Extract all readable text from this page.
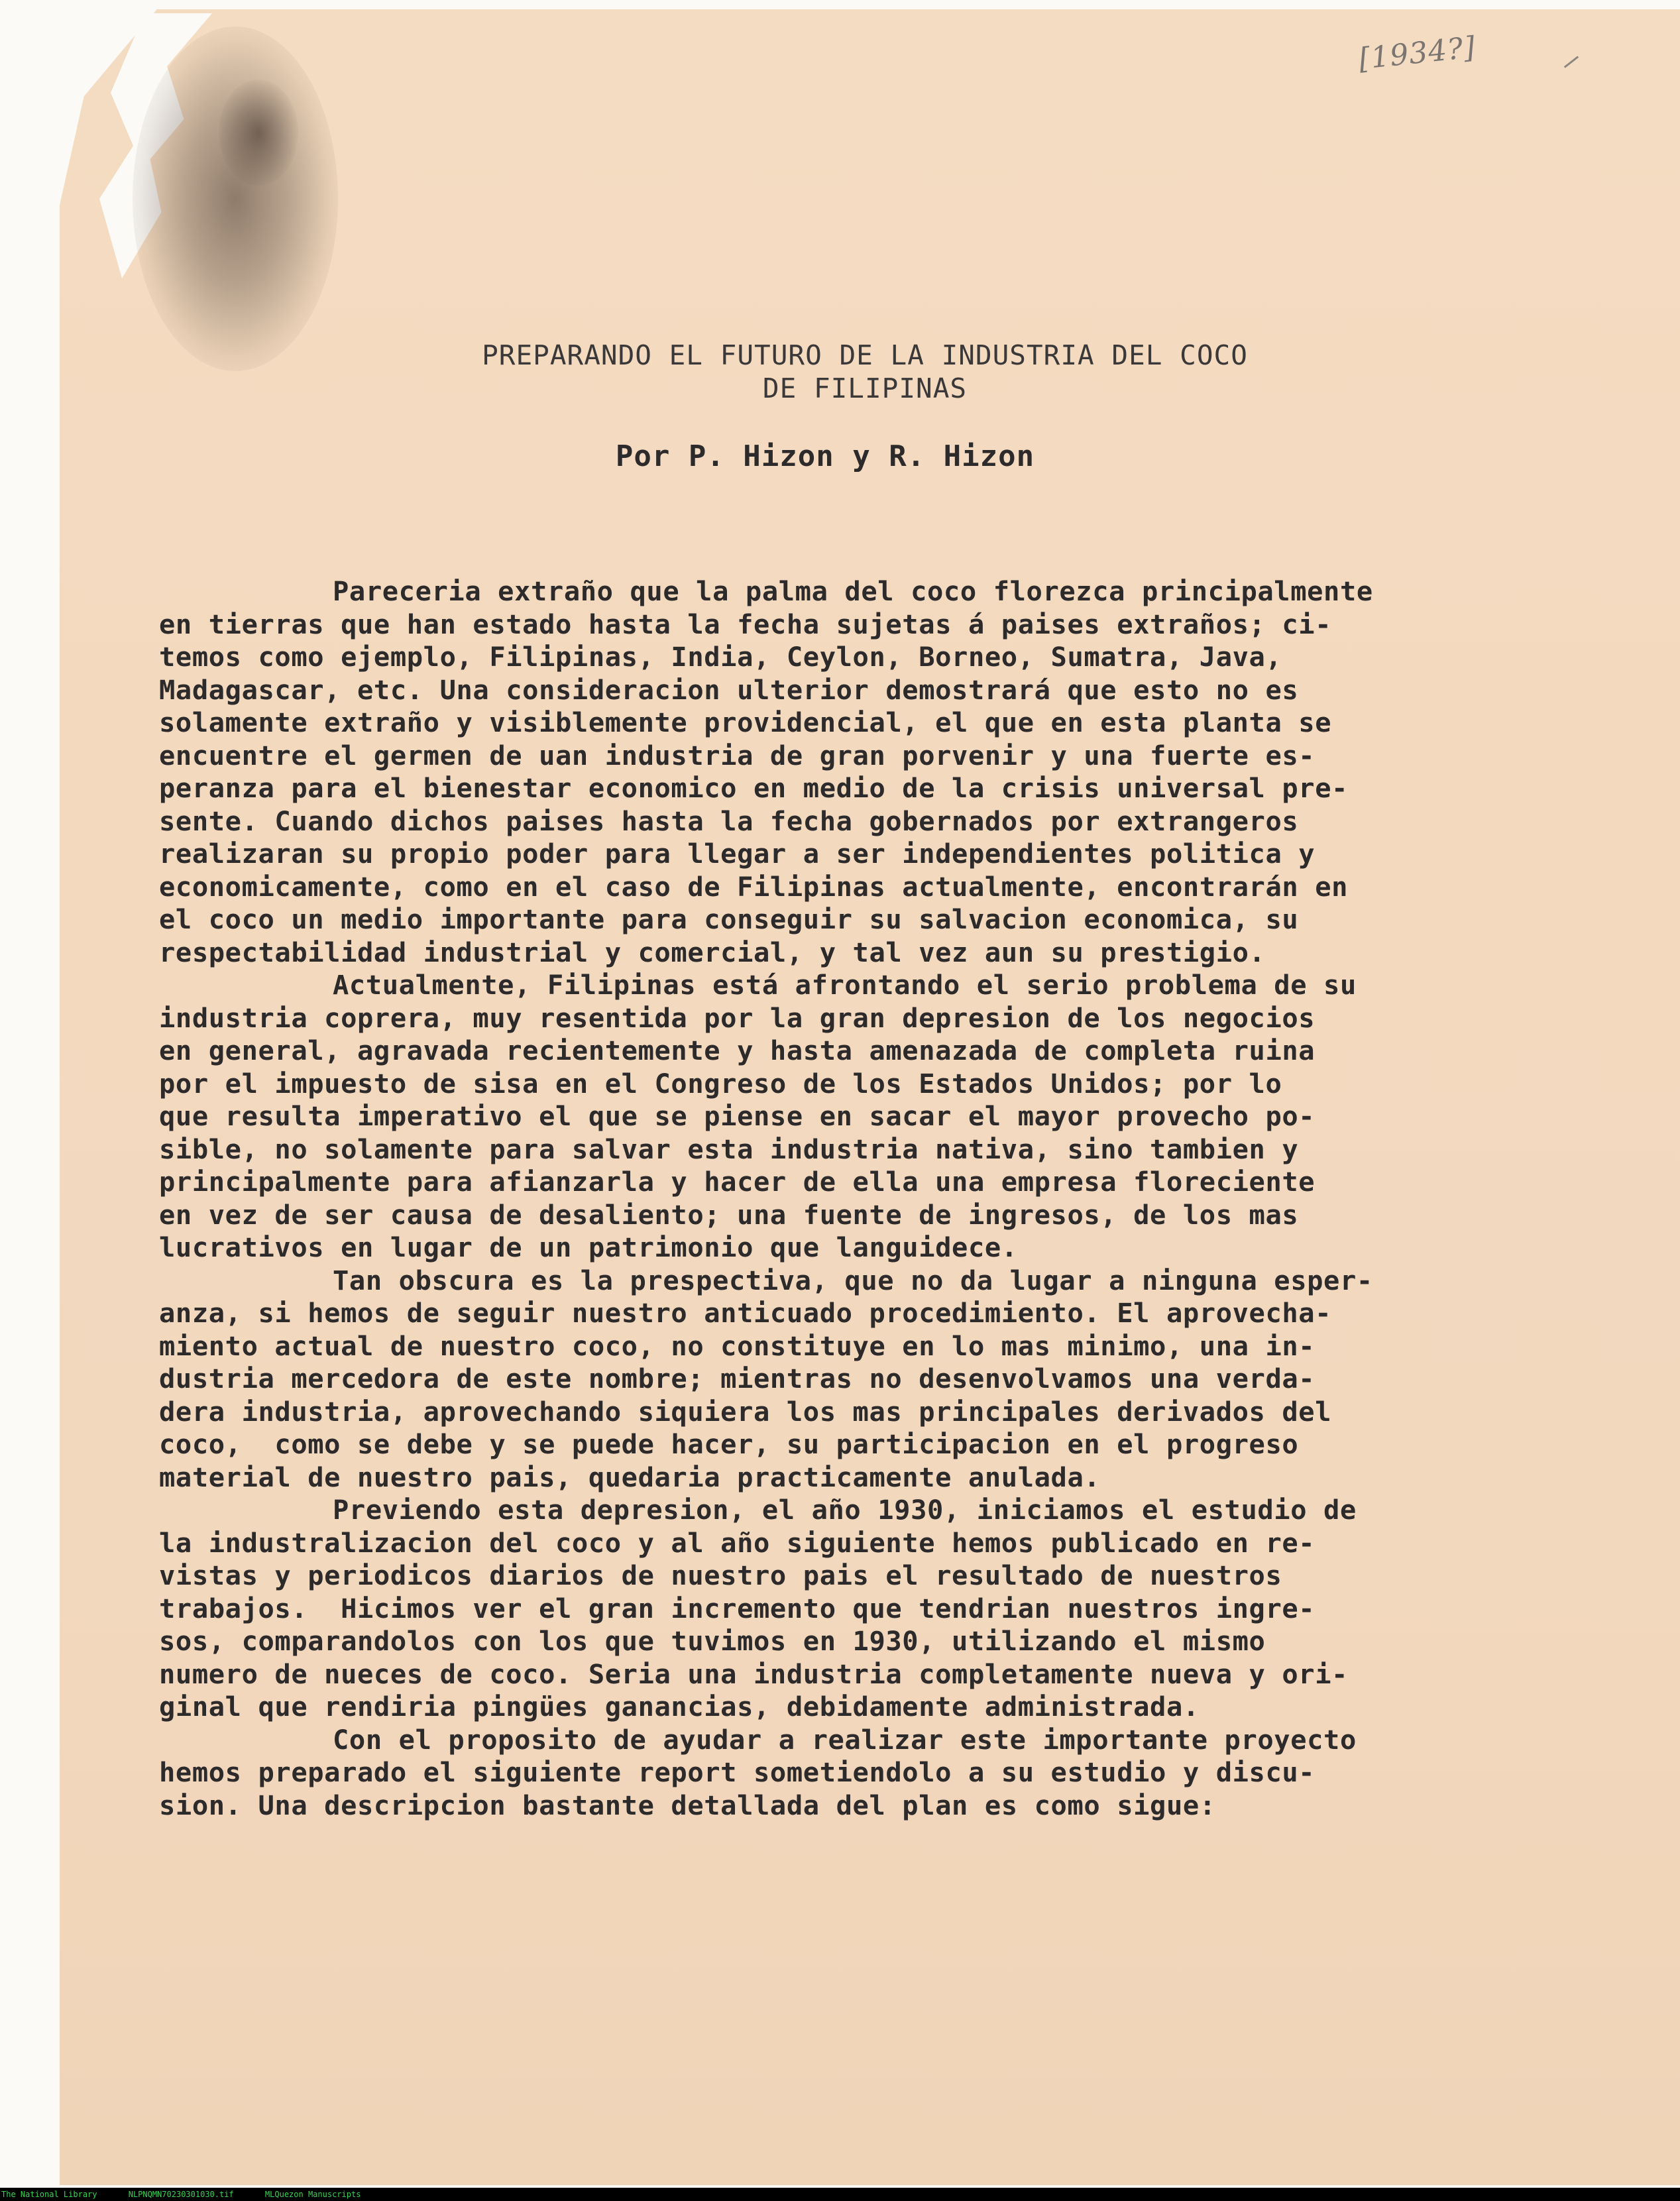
[1934?]
PREPARANDO EL FUTURO DE LA INDUSTRIA DEL COCO
DE FILIPINAS

Por P. Hizon y R. Hizon

Pareceria extraño que la palma del coco florezca principalmente
en tierras que han estado hasta la fecha sujetas á paises extraños; ci-
temos como ejemplo, Filipinas, India, Ceylon, Borneo, Sumatra, Java,
Madagascar, etc. Una consideracion ulterior demostrará que esto no es
solamente extraño y visiblemente providencial, el que en esta planta se
encuentre el germen de uan industria de gran porvenir y una fuerte es-
peranza para el bienestar economico en medio de la crisis universal pre-
sente. Cuando dichos paises hasta la fecha gobernados por extrangeros
realizaran su propio poder para llegar a ser independientes politica y
economicamente, como en el caso de Filipinas actualmente, encontrarán en
el coco un medio importante para conseguir su salvacion economica, su
respectabilidad industrial y comercial, y tal vez aun su prestigio.
Actualmente, Filipinas está afrontando el serio problema de su
industria coprera, muy resentida por la gran depresion de los negocios
en general, agravada recientemente y hasta amenazada de completa ruina
por el impuesto de sisa en el Congreso de los Estados Unidos; por lo
que resulta imperativo el que se piense en sacar el mayor provecho po-
sible, no solamente para salvar esta industria nativa, sino tambien y
principalmente para afianzarla y hacer de ella una empresa floreciente
en vez de ser causa de desaliento; una fuente de ingresos, de los mas
lucrativos en lugar de un patrimonio que languidece.
Tan obscura es la prespectiva, que no da lugar a ninguna esper-
anza, si hemos de seguir nuestro anticuado procedimiento. El aprovecha-
miento actual de nuestro coco, no constituye en lo mas minimo, una in-
dustria mercedora de este nombre; mientras no desenvolvamos una verda-
dera industria, aprovechando siquiera los mas principales derivados del
coco,  como se debe y se puede hacer, su participacion en el progreso
material de nuestro pais, quedaria practicamente anulada.
Previendo esta depresion, el año 1930, iniciamos el estudio de
la industralizacion del coco y al año siguiente hemos publicado en re-
vistas y periodicos diarios de nuestro pais el resultado de nuestros
trabajos.  Hicimos ver el gran incremento que tendrian nuestros ingre-
sos, comparandolos con los que tuvimos en 1930, utilizando el mismo
numero de nueces de coco. Seria una industria completamente nueva y ori-
ginal que rendiria pingües ganancias, debidamente administrada.
Con el proposito de ayudar a realizar este importante proyecto
hemos preparado el siguiente report sometiendolo a su estudio y discu-
sion. Una descripcion bastante detallada del plan es como sigue:
The National Library	NLPNQMN70230301030.tif	MLQuezon Manuscripts
